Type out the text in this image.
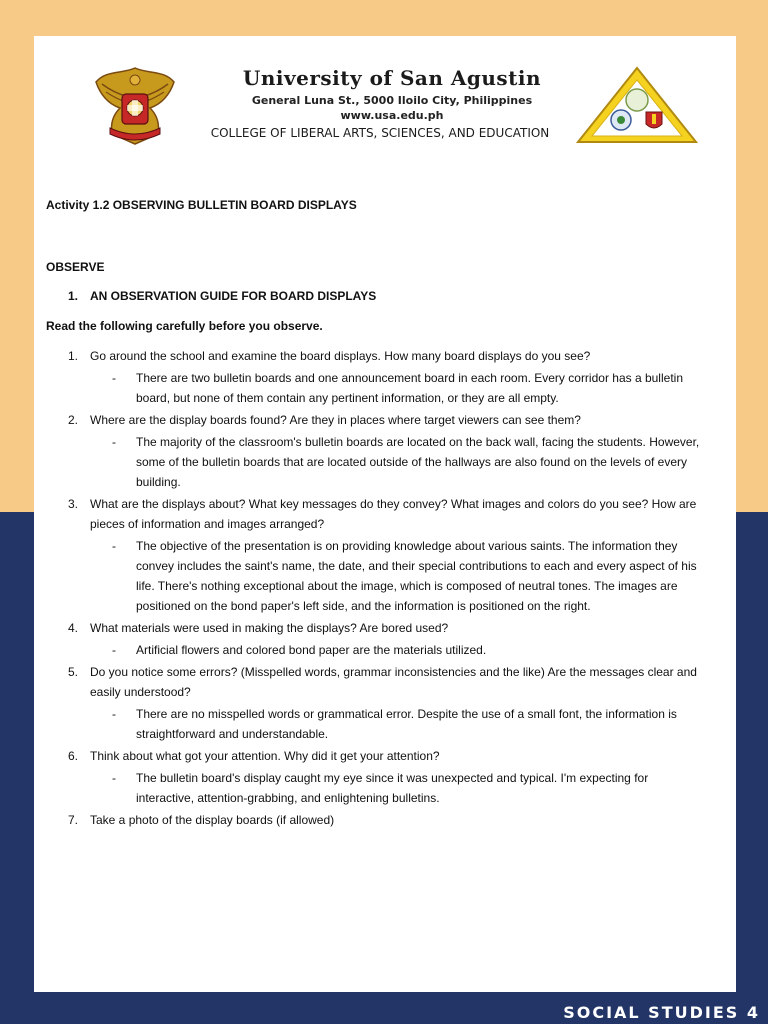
University of San Agustin
General Luna St., 5000 Iloilo City, Philippines
www.usa.edu.ph
COLLEGE OF LIBERAL ARTS, SCIENCES, AND EDUCATION
Activity 1.2 OBSERVING BULLETIN BOARD DISPLAYS
OBSERVE
1. AN OBSERVATION GUIDE FOR BOARD DISPLAYS
Read the following carefully before you observe.
1. Go around the school and examine the board displays. How many board displays do you see?
- There are two bulletin boards and one announcement board in each room. Every corridor has a bulletin
board, but none of them contain any pertinent information, or they are all empty.
2. Where are the display boards found? Are they in places where target viewers can see them?
- The majority of the classroom's bulletin boards are located on the back wall, facing the students. However,
some of the bulletin boards that are located outside of the hallways are also found on the levels of every
building.
3. What are the displays about? What key messages do they convey? What images and colors do you see? How are
pieces of information and images arranged?
- The objective of the presentation is on providing knowledge about various saints. The information they
convey includes the saint's name, the date, and their special contributions to each and every aspect of his
life. There's nothing exceptional about the image, which is composed of neutral tones. The images are
positioned on the bond paper's left side, and the information is positioned on the right.
4. What materials were used in making the displays? Are bored used?
- Artificial flowers and colored bond paper are the materials utilized.
5. Do you notice some errors? (Misspelled words, grammar inconsistencies and the like) Are the messages clear and
easily understood?
- There are no misspelled words or grammatical error. Despite the use of a small font, the information is
straightforward and understandable.
6. Think about what got your attention. Why did it get your attention?
- The bulletin board's display caught my eye since it was unexpected and typical. I'm expecting for
interactive, attention-grabbing, and enlightening bulletins.
7. Take a photo of the display boards (if allowed)
SOCIAL STUDIES 4
